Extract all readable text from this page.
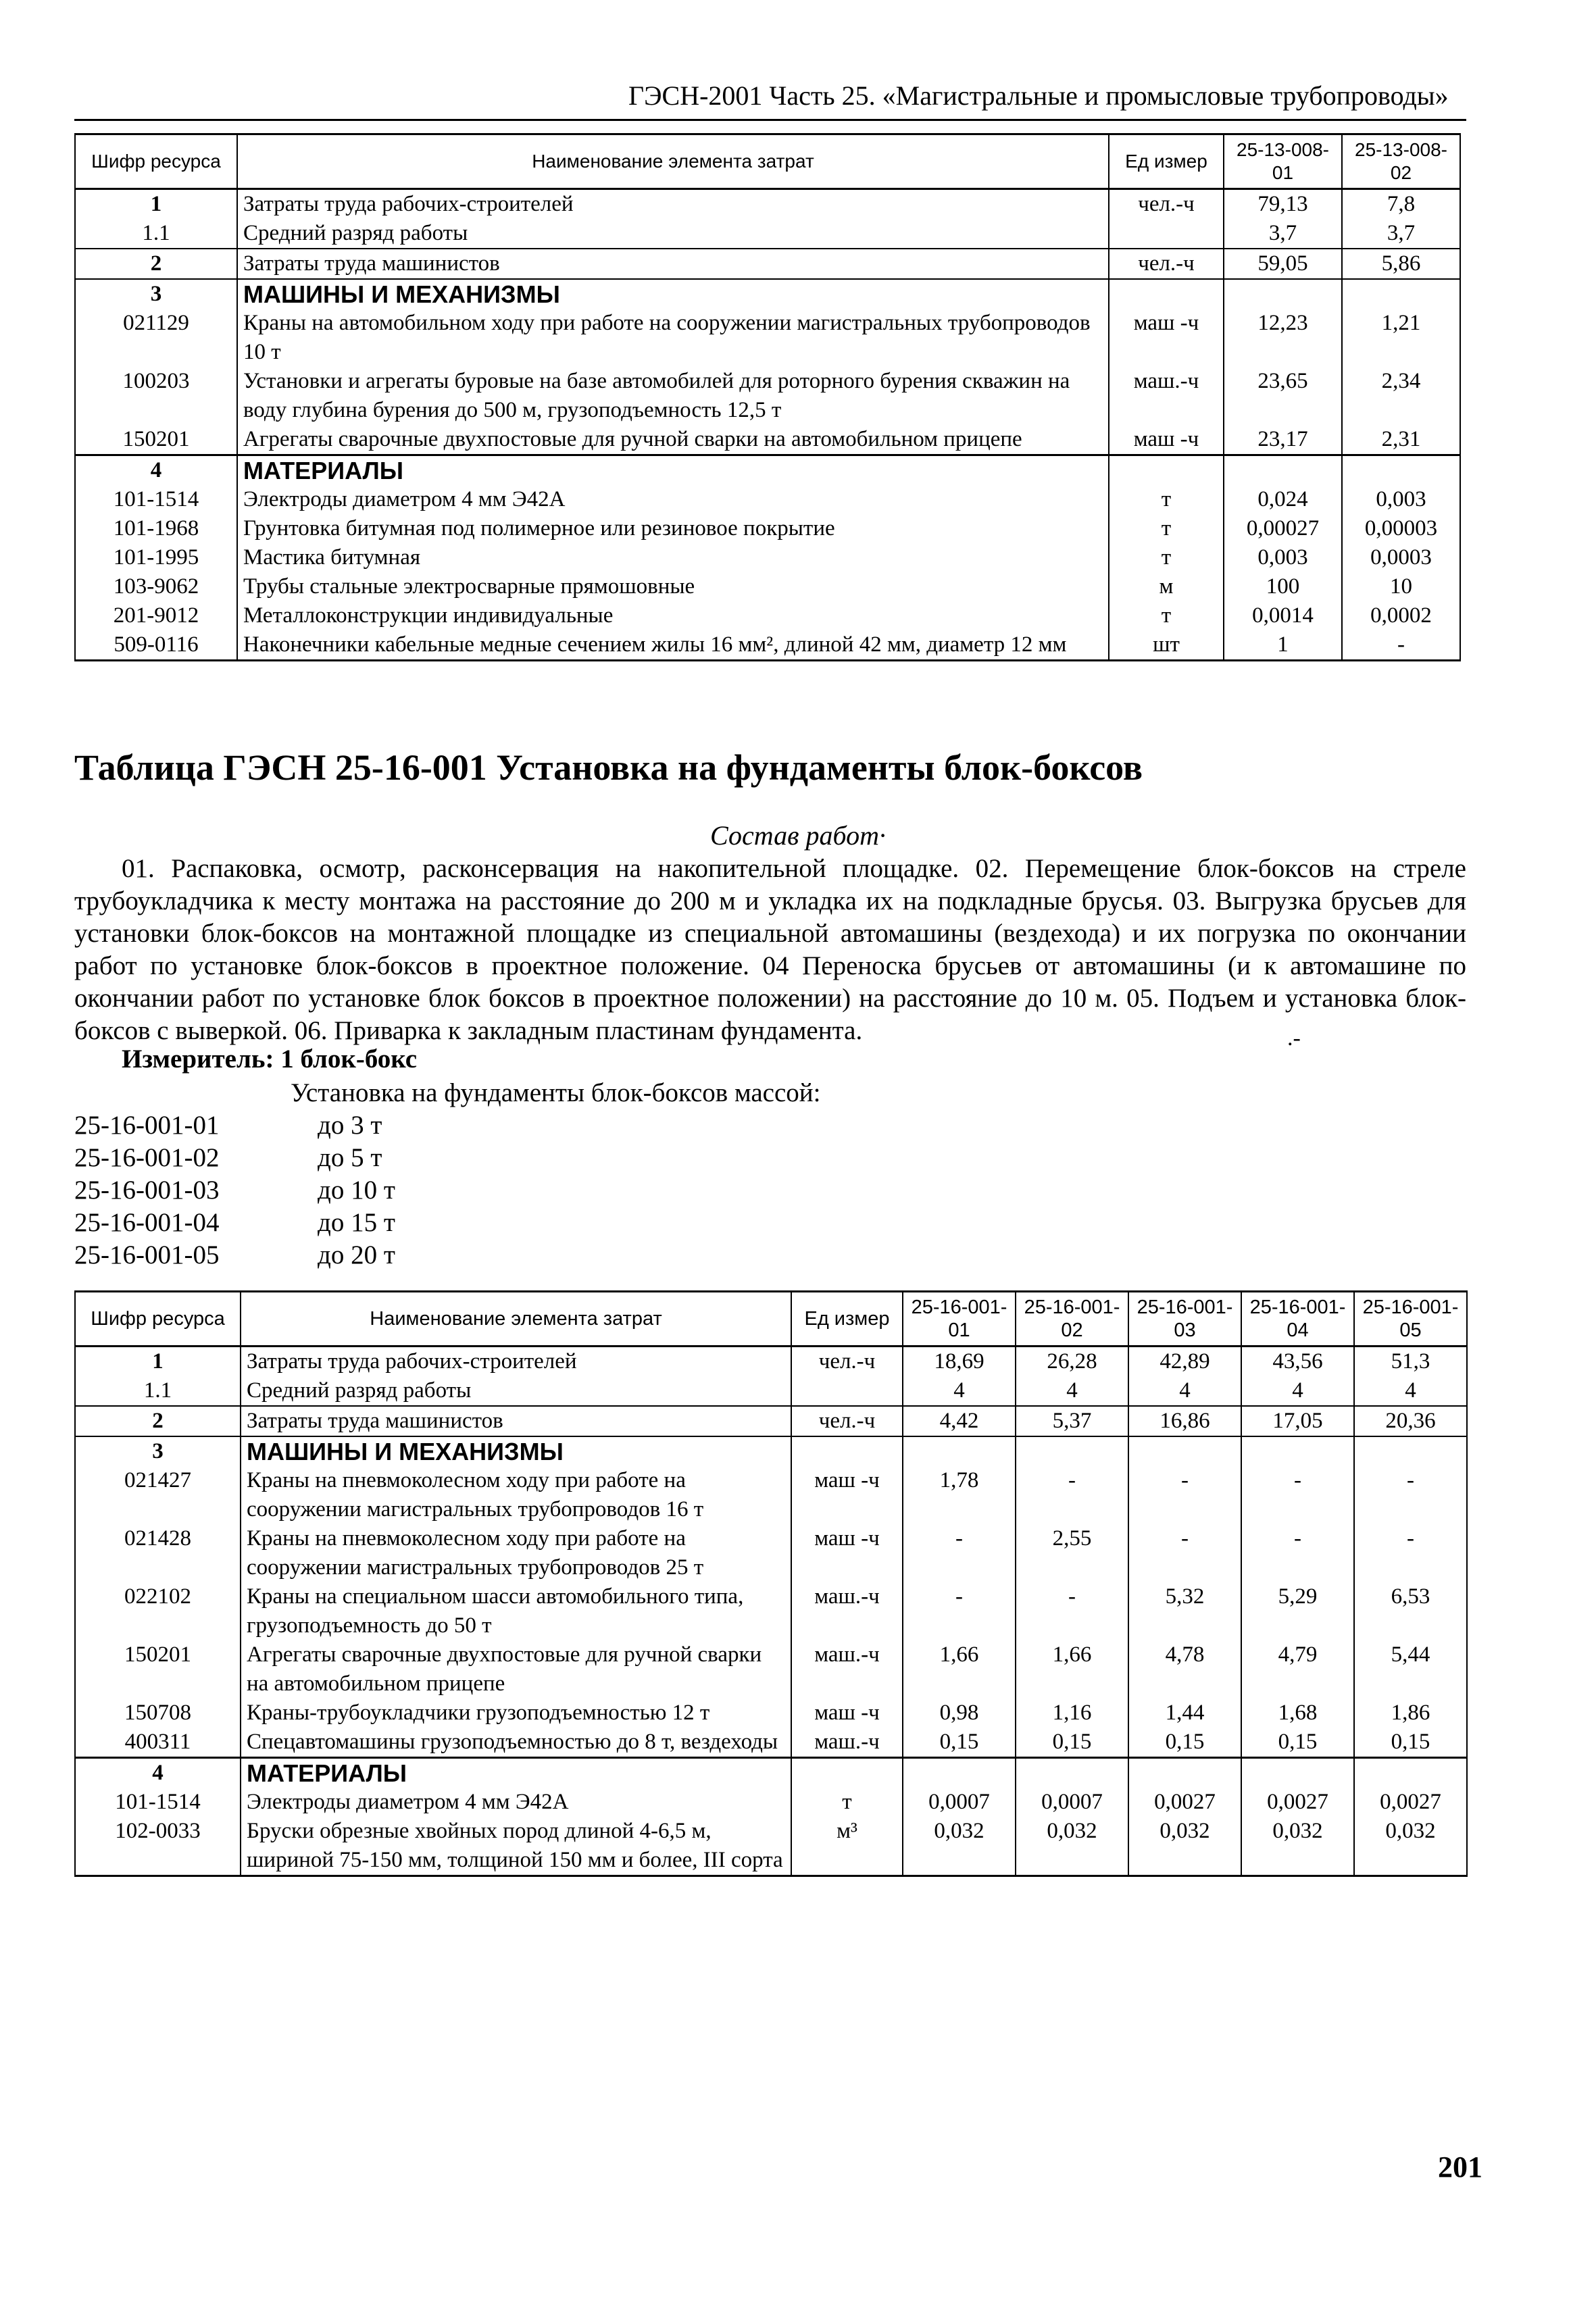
ГЭСН-2001 Часть 25. «Магистральные и промысловые трубопроводы»
Шифр ресурса	Наименование элемента затрат	Ед измер	25-13-008-01	25-13-008-02
1	Затраты труда рабочих-строителей	чел.-ч	79,13	7,8
1.1	Средний разряд работы		3,7	3,7
2	Затраты труда машинистов	чел.-ч	59,05	5,86
3	МАШИНЫ И МЕХАНИЗМЫ			
021129	Краны на автомобильном ходу при работе на сооружении магистральных трубопроводов 10 т	маш -ч	12,23	1,21
100203	Установки и агрегаты буровые на базе автомобилей для роторного бурения скважин на воду глубина бурения до 500 м, грузоподъемность 12,5 т	маш.-ч	23,65	2,34
150201	Агрегаты сварочные двухпостовые для ручной сварки на автомобильном прицепе	маш -ч	23,17	2,31
4	МАТЕРИАЛЫ			
101-1514	Электроды диаметром 4 мм Э42А	т	0,024	0,003
101-1968	Грунтовка битумная под полимерное или резиновое покрытие	т	0,00027	0,00003
101-1995	Мастика битумная	т	0,003	0,0003
103-9062	Трубы стальные электросварные прямошовные	м	100	10
201-9012	Металлоконструкции индивидуальные	т	0,0014	0,0002
509-0116	Наконечники кабельные медные сечением жилы 16 мм², длиной 42 мм, диаметр 12 мм	шт	1	-
Таблица ГЭСН 25-16-001 Установка на фундаменты блок-боксов
Состав работ·
01. Распаковка, осмотр, расконсервация на накопительной площадке. 02. Перемещение блок-боксов на стреле трубоукладчика к месту монтажа на расстояние до 200 м и укладка их на подкладные брусья. 03. Выгрузка брусьев для установки блок-боксов на монтажной площадке из специальной автомашины (вездехода) и их погрузка по окончании работ по установке блок-боксов в проектное положение. 04 Переноска брусьев от автомашины (и к автомашине по окончании работ по установке блок боксов в проектное положении) на расстояние до 10 м. 05. Подъем и установка блок-боксов с выверкой. 06. Приварка к закладным пластинам фундамента.	.-
Измеритель: 1 блок-бокс
Установка на фундаменты блок-боксов массой:
25-16-001-01	до 3 т
25-16-001-02	до 5 т
25-16-001-03	до 10 т
25-16-001-04	до 15 т
25-16-001-05	до 20 т
Шифр ресурса	Наименование элемента затрат	Ед измер	25-16-001-01	25-16-001-02	25-16-001-03	25-16-001-04	25-16-001-05
1	Затраты труда рабочих-строителей	чел.-ч	18,69	26,28	42,89	43,56	51,3
1.1	Средний разряд работы		4	4	4	4	4
2	Затраты труда машинистов	чел.-ч	4,42	5,37	16,86	17,05	20,36
3	МАШИНЫ И МЕХАНИЗМЫ						
021427	Краны на пневмоколесном ходу при работе на сооружении магистральных трубопроводов 16 т	маш -ч	1,78	-	-	-	-
021428	Краны на пневмоколесном ходу при работе на сооружении магистральных трубопроводов 25 т	маш -ч	-	2,55	-	-	-
022102	Краны на специальном шасси автомобильного типа, грузоподъемность до 50 т	маш.-ч	-	-	5,32	5,29	6,53
150201	Агрегаты сварочные двухпостовые для ручной сварки на автомобильном прицепе	маш.-ч	1,66	1,66	4,78	4,79	5,44
150708	Краны-трубоукладчики грузоподъемностью 12 т	маш -ч	0,98	1,16	1,44	1,68	1,86
400311	Спецавтомашины грузоподъемностью до 8 т, вездеходы	маш.-ч	0,15	0,15	0,15	0,15	0,15
4	МАТЕРИАЛЫ						
101-1514	Электроды диаметром 4 мм Э42А	т	0,0007	0,0007	0,0027	0,0027	0,0027
102-0033	Бруски обрезные хвойных пород длиной 4-6,5 м, шириной 75-150 мм, толщиной 150 мм и более, III сорта	м³	0,032	0,032	0,032	0,032	0,032
201
